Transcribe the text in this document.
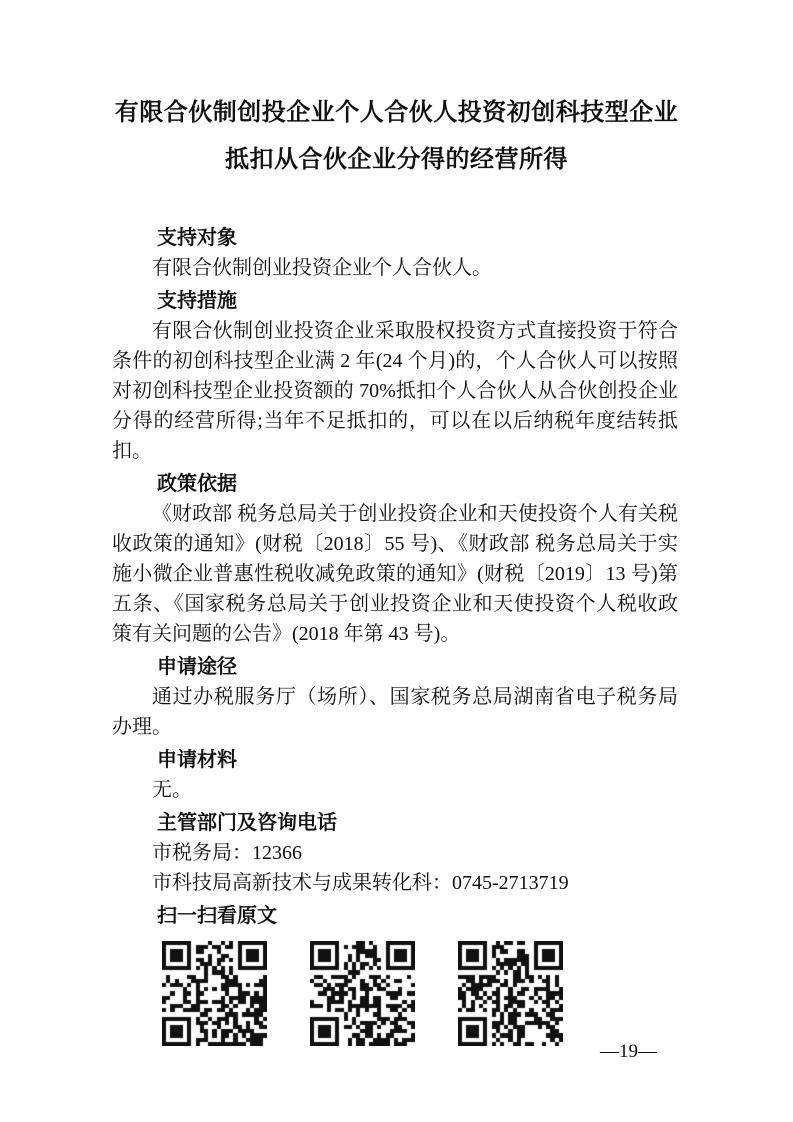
有限合伙制创投企业个人合伙人投资初创科技型企业
抵扣从合伙企业分得的经营所得
支持对象

有限合伙制创业投资企业个人合伙人。

支持措施

有限合伙制创业投资企业采取股权投资方式直接投资于符合条件的初创科技型企业满 2 年(24 个月)的，个人合伙人可以按照对初创科技型企业投资额的 70%抵扣个人合伙人从合伙创投企业分得的经营所得;当年不足抵扣的，可以在以后纳税年度结转抵扣。

政策依据

《财政部 税务总局关于创业投资企业和天使投资个人有关税收政策的通知》(财税〔2018〕55 号)、《财政部 税务总局关于实施小微企业普惠性税收减免政策的通知》(财税〔2019〕13 号)第五条、《国家税务总局关于创业投资企业和天使投资个人税收政策有关问题的公告》(2018 年第 43 号)。

申请途径

通过办税服务厅（场所）、国家税务总局湖南省电子税务局办理。

申请材料

无。

主管部门及咨询电话

市税务局：12366

市科技局高新技术与成果转化科：0745-2713719

扫一扫看原文
—19—
